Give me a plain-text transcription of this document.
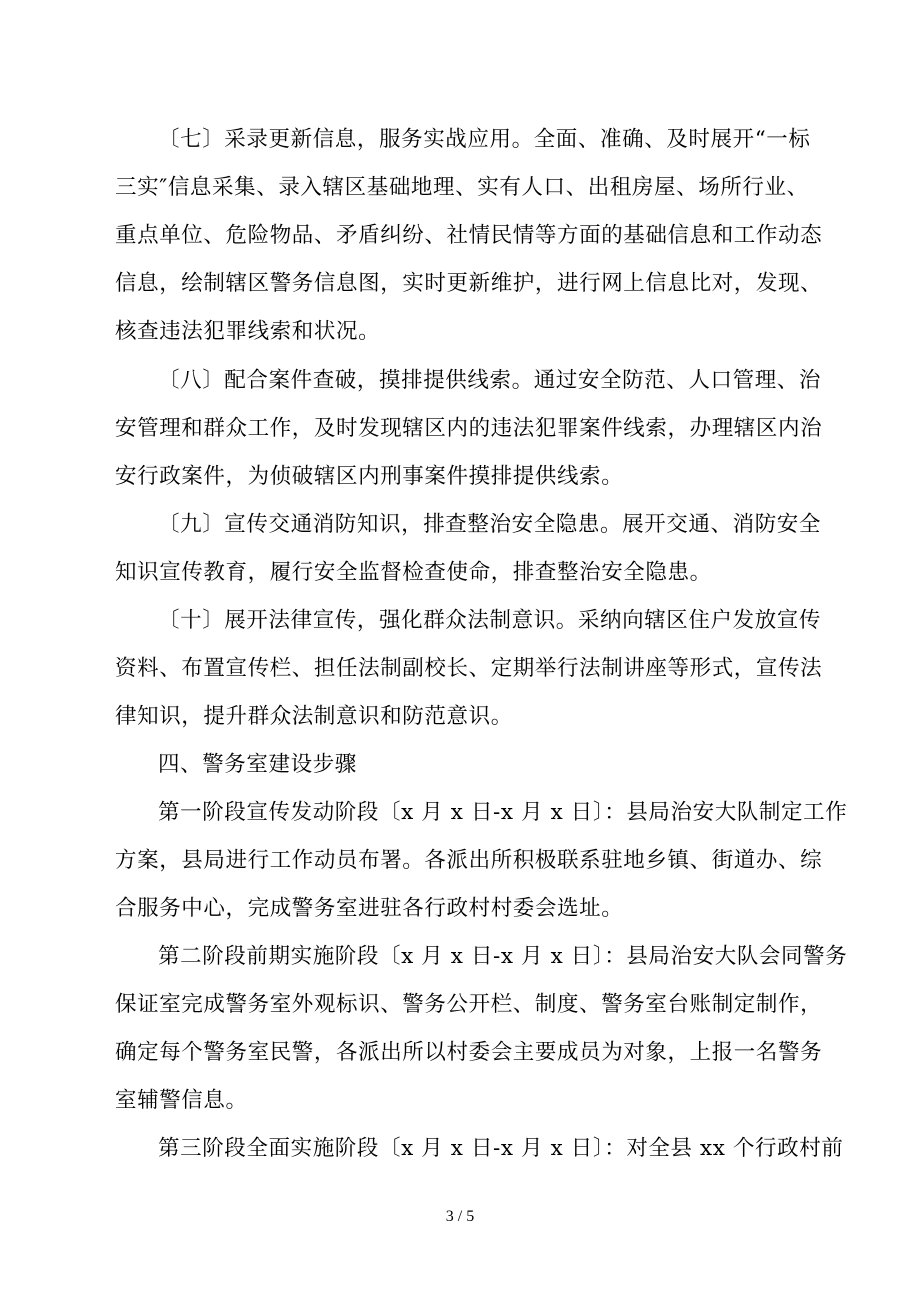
〔七〕采录更新信息，服务实战应用。全面、准确、及时展开“一标
三实″信息采集、录入辖区基础地理、实有人口、出租房屋、场所行业、
重点单位、危险物品、矛盾纠纷、社情民情等方面的基础信息和工作动态
信息，绘制辖区警务信息图，实时更新维护，进行网上信息比对，发现、
核查违法犯罪线索和状况。
〔八〕配合案件查破，摸排提供线索。通过安全防范、人口管理、治
安管理和群众工作，及时发现辖区内的违法犯罪案件线索，办理辖区内治
安行政案件，为侦破辖区内刑事案件摸排提供线索。
〔九〕宣传交通消防知识，排查整治安全隐患。展开交通、消防安全
知识宣传教育，履行安全监督检查使命，排查整治安全隐患。
〔十〕展开法律宣传，强化群众法制意识。采纳向辖区住户发放宣传
资料、布置宣传栏、担任法制副校长、定期举行法制讲座等形式，宣传法
律知识，提升群众法制意识和防范意识。
四、警务室建设步骤
第一阶段宣传发动阶段〔x 月 x 日-x 月 x 日〕：县局治安大队制定工作
方案，县局进行工作动员布署。各派出所积极联系驻地乡镇、街道办、综
合服务中心，完成警务室进驻各行政村村委会选址。
第二阶段前期实施阶段〔x 月 x 日-x 月 x 日〕：县局治安大队会同警务
保证室完成警务室外观标识、警务公开栏、制度、警务室台账制定制作，
确定每个警务室民警，各派出所以村委会主要成员为对象，上报一名警务
室辅警信息。
第三阶段全面实施阶段〔x 月 x 日-x 月 x 日〕：对全县 xx 个行政村前
3 / 5
